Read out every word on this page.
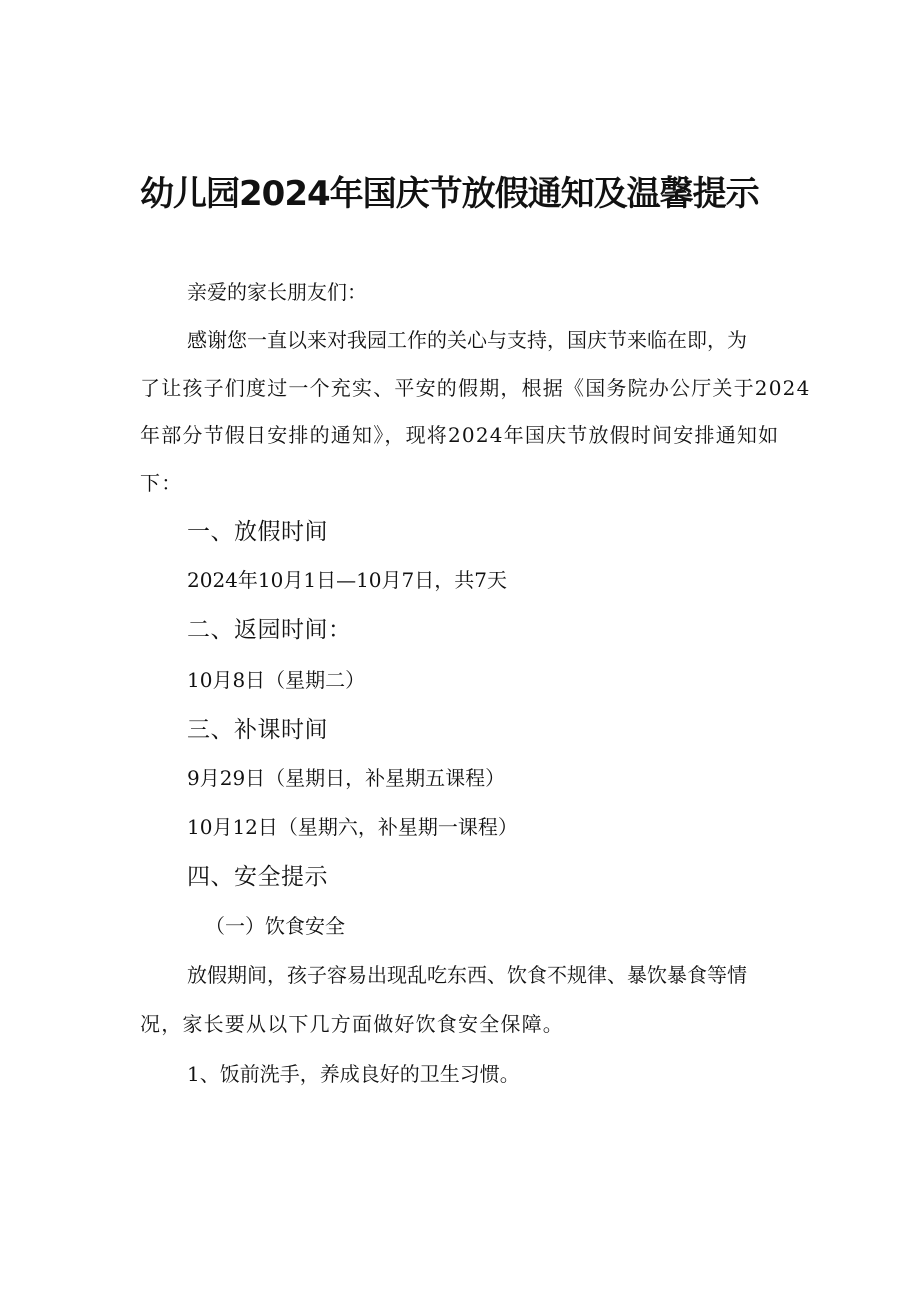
幼儿园2024年国庆节放假通知及温馨提示
亲爱的家长朋友们：
感谢您一直以来对我园工作的关心与支持，国庆节来临在即，为
了让孩子们度过一个充实、平安的假期，根据《国务院办公厅关于2024
年部分节假日安排的通知》，现将2024年国庆节放假时间安排通知如
下：
一、放假时间
2024年10月1日—10月7日，共7天
二、返园时间：
10月8日（星期二）
三、补课时间
9月29日（星期日，补星期五课程）
10月12日（星期六，补星期一课程）
四、安全提示
（一）饮食安全
放假期间，孩子容易出现乱吃东西、饮食不规律、暴饮暴食等情
况，家长要从以下几方面做好饮食安全保障。
1、饭前洗手，养成良好的卫生习惯。
